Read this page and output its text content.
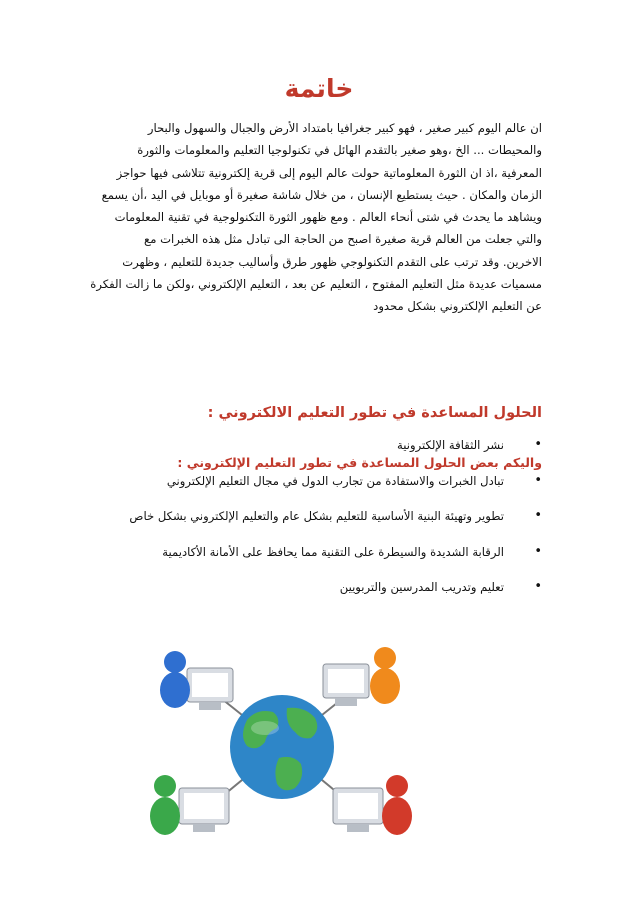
خاتمة

ان عالم اليوم كبير صغير ، فهو كبير جغرافيا بامتداد الأرض والجبال والسهول والبحار

والمحيطات ... الخ ،وهو صغير بالتقدم الهائل في تكنولوجيا التعليم والمعلومات والثورة

المعرفية ،اذ ان الثورة المعلوماتية حولت عالم اليوم إلى قرية إلكترونية تتلاشى فيها حواجز

الزمان والمكان . حيث يستطيع الإنسان ، من خلال شاشة صغيرة أو موبايل في اليد ،أن يسمع

ويشاهد ما يحدث في شتى أنحاء العالم . ومع ظهور الثورة التكنولوجية في تقنية المعلومات

والتي جعلت من العالم قرية صغيرة اصبح من الحاجة الى تبادل مثل هذه الخبرات مع

الاخرين. وقد ترتب على التقدم التكنولوجي ظهور طرق وأساليب جديدة للتعليم ، وظهرت

مسميات عديدة مثل التعليم المفتوح ، التعليم عن بعد ، التعليم الإلكتروني ،ولكن ما زالت الفكرة

عن التعليم الإلكتروني بشكل محدود

واليكم بعض الحلول المساعدة في تطور التعليم الإلكتروني :
الحلول المساعدة في تطور التعليم الالكتروني :
•
نشر الثقافة الإلكترونية
•
تبادل الخبرات والاستفادة من تجارب الدول في مجال التعليم الإلكتروني
•
تطوير وتهيئة البنية الأساسية للتعليم بشكل عام والتعليم الإلكتروني بشكل خاص
•
الرقابة الشديدة والسيطرة على التقنية مما يحافظ على الأمانة الأكاديمية
•
تعليم وتدريب المدرسين والتربويين
